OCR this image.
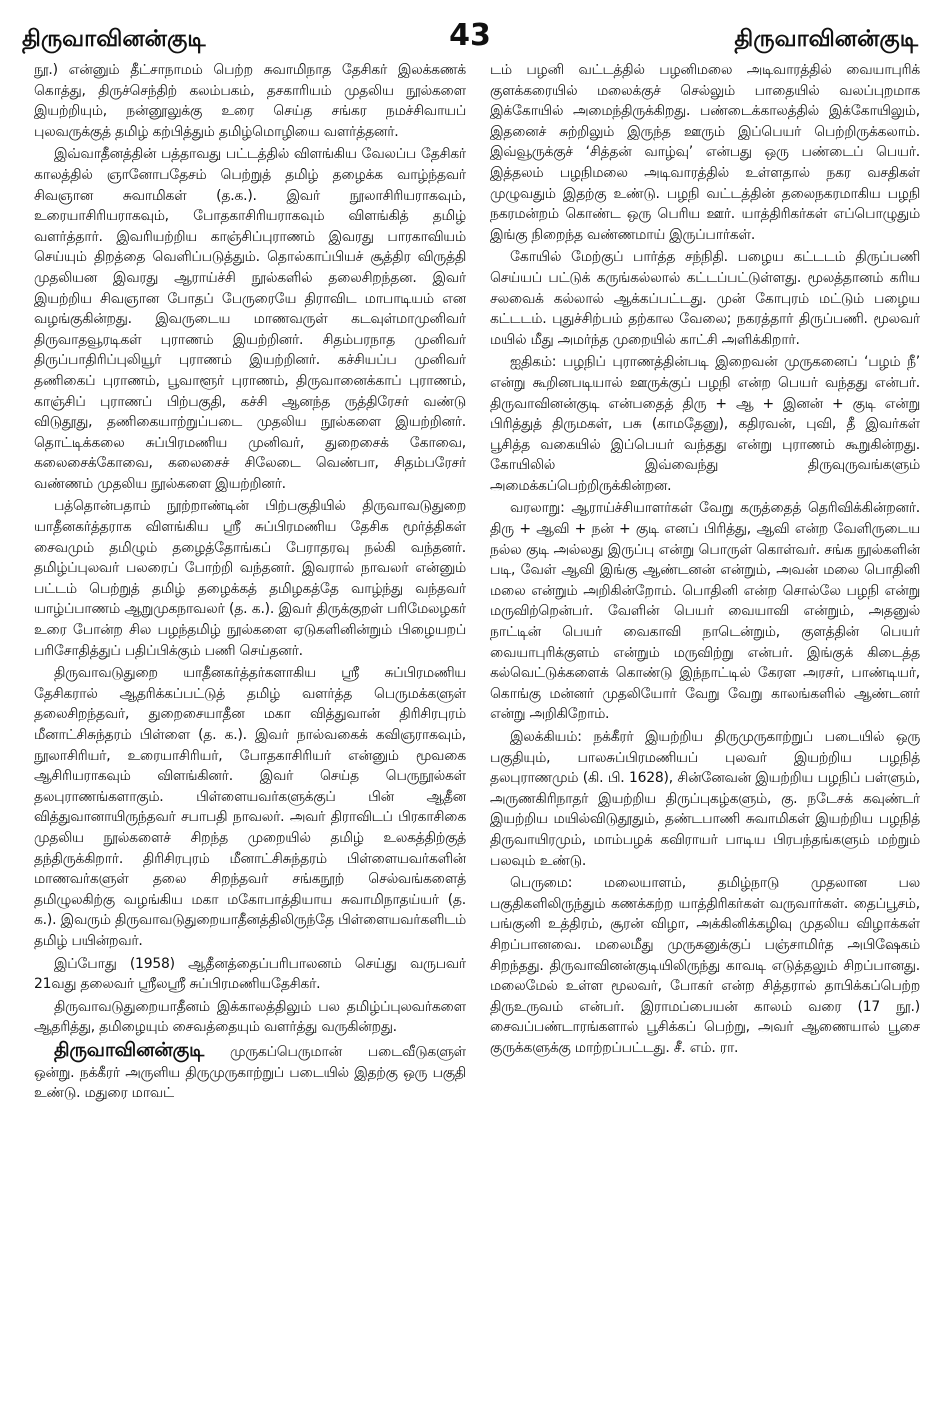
திருவாவினன்குடி	43	திருவாவினன்குடி

நூ.) என்னும் தீட்சாநாமம் பெற்ற சுவாமிநாத தேசிகர் இலக்கணக் கொத்து, திருச்செந்திற் கலம்பகம், தசகாரியம் முதலிய நூல்களை இயற்றியும், நன்னூலுக்கு உரை செய்த சங்கர நமச்சிவாயப் புலவருக்குத் தமிழ் கற்பித்தும் தமிழ்மொழியை வளர்த்தனர்.

இவ்வாதீனத்தின் பத்தாவது பட்டத்தில் விளங்கிய வேலப்ப தேசிகர் காலத்தில் ஞானோபதேசம் பெற்றுத் தமிழ் தழைக்க வாழ்ந்தவர் சிவஞான சுவாமிகள் (த.க.). இவர் நூலாசிரியராகவும், உரையாசிரியராகவும், போதகாசிரியராகவும் விளங்கித் தமிழ் வளர்த்தார். இவரியற்றிய காஞ்சிப்புராணம் இவரது பாரகாவியம் செய்யும் திறத்தை வெளிப்படுத்தும். தொல்காப்பியச் சூத்திர விருத்தி முதலியன இவரது ஆராய்ச்சி நூல்களில் தலைசிறந்தன. இவர் இயற்றிய சிவஞான போதப் பேருரையே திராவிட மாபாடியம் என வழங்குகின்றது. இவருடைய மாணவருள் கடவுள்மாமுனிவர் திருவாதவூரடிகள் புராணம் இயற்றினர். சிதம்பரநாத முனிவர் திருப்பாதிரிப்புலியூர் புராணம் இயற்றினர். கச்சியப்ப முனிவர் தணிகைப் புராணம், பூவாளூர் புராணம், திருவானைக்காப் புராணம், காஞ்சிப் புராணப் பிற்பகுதி, கச்சி ஆனந்த ருத்திரேசர் வண்டு விடுதூது, தணிகையாற்றுப்படை முதலிய நூல்களை இயற்றினர். தொட்டிக்கலை சுப்பிரமணிய முனிவர், துறைசைக் கோவை, கலைசைக்கோவை, கலைசைச் சிலேடை வெண்பா, சிதம்பரேசர் வண்ணம் முதலிய நூல்களை இயற்றினர்.

பத்தொன்பதாம் நூற்றாண்டின் பிற்பகுதியில் திருவாவடுதுறை யாதீனகர்த்தராக விளங்கிய ஸ்ரீ சுப்பிரமணிய தேசிக மூர்த்திகள் சைவமும் தமிழும் தழைத்தோங்கப் பேராதரவு நல்கி வந்தனர். தமிழ்ப்புலவர் பலரைப் போற்றி வந்தனர். இவரால் நாவலர் என்னும் பட்டம் பெற்றுத் தமிழ் தழைக்கத் தமிழகத்தே வாழ்ந்து வந்தவர் யாழ்ப்பாணம் ஆறுமுகநாவலர் (த. க.). இவர் திருக்குறள் பரிமேலழகர் உரை போன்ற சில பழந்தமிழ் நூல்களை ஏடுகளினின்றும் பிழையறப் பரிசோதித்துப் பதிப்பிக்கும் பணி செய்தனர்.

திருவாவடுதுறை யாதீனகர்த்தர்களாகிய ஸ்ரீ சுப்பிரமணிய தேசிகரால் ஆதரிக்கப்பட்டுத் தமிழ் வளர்த்த பெருமக்களுள் தலைசிறந்தவர், துறைசையாதீன மகா வித்துவான் திரிசிரபுரம் மீனாட்சிசுந்தரம் பிள்ளை (த. க.). இவர் நால்வகைக் கவிஞராகவும், நூலாசிரியர், உரையாசிரியர், போதகாசிரியர் என்னும் மூவகை ஆசிரியராகவும் விளங்கினர். இவர் செய்த பெருநூல்கள் தலபுராணங்களாகும். பிள்ளையவர்களுக்குப் பின் ஆதீன வித்துவானாயிருந்தவர் சபாபதி நாவலர். அவர் திராவிடப் பிரகாசிகை முதலிய நூல்களைச் சிறந்த முறையில் தமிழ் உலகத்திற்குத் தந்திருக்கிறார். திரிசிரபுரம் மீனாட்சிசுந்தரம் பிள்ளையவர்களின் மாணவர்களுள் தலை சிறந்தவர் சங்கநூற் செல்வங்களைத் தமிழுலகிற்கு வழங்கிய மகா மகோபாத்தியாய சுவாமிநாதய்யர் (த. க.). இவரும் திருவாவடுதுறையாதீனத்திலிருந்தே பிள்ளையவர்களிடம் தமிழ் பயின்றவர்.

இப்போது (1958) ஆதீனத்தைப்பரிபாலனம் செய்து வருபவர் 21வது தலைவர் ஸ்ரீலஸ்ரீ சுப்பிரமணியதேசிகர்.

திருவாவடுதுறையாதீனம் இக்காலத்திலும் பல தமிழ்ப்புலவர்களை ஆதரித்து, தமிழையும் சைவத்தையும் வளர்த்து வருகின்றது.

திருவாவினன்குடி முருகப்பெருமான் படைவீடுகளுள் ஒன்று. நக்கீரர் அருளிய திருமுருகாற்றுப் படையில் இதற்கு ஒரு பகுதி உண்டு. மதுரை மாவட்

டம் பழனி வட்டத்தில் பழனிமலை அடிவாரத்தில் வையாபுரிக் குளக்கரையில் மலைக்குச் செல்லும் பாதையில் வலப்புறமாக இக்கோயில் அமைந்திருக்கிறது. பண்டைக்காலத்தில் இக்கோயிலும், இதனைச் சுற்றிலும் இருந்த ஊரும் இப்பெயர் பெற்றிருக்கலாம். இவ்வூருக்குச் ‘சித்தன் வாழ்வு’ என்பது ஒரு பண்டைப் பெயர். இத்தலம் பழநிமலை அடிவாரத்தில் உள்ளதால் நகர வசதிகள் முழுவதும் இதற்கு உண்டு. பழநி வட்டத்தின் தலைநகரமாகிய பழநி நகரமன்றம் கொண்ட ஒரு பெரிய ஊர். யாத்திரிகர்கள் எப்பொழுதும் இங்கு நிறைந்த வண்ணமாய் இருப்பார்கள்.

கோயில் மேற்குப் பார்த்த சந்நிதி. பழைய கட்டடம் திருப்பணி செய்யப் பட்டுக் கருங்கல்லால் கட்டப்பட்டுள்ளது. மூலத்தானம் கரிய சலவைக் கல்லால் ஆக்கப்பட்டது. முன் கோபுரம் மட்டும் பழைய கட்டடம். புதுச்சிற்பம் தற்கால வேலை; நகரத்தார் திருப்பணி. மூலவர் மயில் மீது அமர்ந்த முறையில் காட்சி அளிக்கிறார்.

ஐதிகம்: பழநிப் புராணத்தின்படி இறைவன் முருகனைப் ‘பழம் நீ’ என்று கூறினபடியால் ஊருக்குப் பழநி என்ற பெயர் வந்தது என்பர். திருவாவினன்குடி என்பதைத் திரு + ஆ + இனன் + குடி என்று பிரித்துத் திருமகள், பசு (காமதேனு), கதிரவன், புவி, தீ இவர்கள் பூசித்த வகையில் இப்பெயர் வந்தது என்று புராணம் கூறுகின்றது. கோயிலில் இவ்வைந்து திருவுருவங்களும் அமைக்கப்பெற்றிருக்கின்றன.

வரலாறு: ஆராய்ச்சியாளர்கள் வேறு கருத்தைத் தெரிவிக்கின்றனர். திரு + ஆவி + நன் + குடி எனப் பிரித்து, ஆவி என்ற வேளிருடைய நல்ல குடி அல்லது இருப்பு என்று பொருள் கொள்வர். சங்க நூல்களின் படி, வேள் ஆவி இங்கு ஆண்டனன் என்றும், அவன் மலை பொதினி மலை என்றும் அறிகின்றோம். பொதினி என்ற சொல்லே பழநி என்று மருவிற்றென்பர். வேளின் பெயர் வையாவி என்றும், அதனுல் நாட்டின் பெயர் வைகாவி நாடென்றும், குளத்தின் பெயர் வையாபுரிக்குளம் என்றும் மருவிற்று என்பர். இங்குக் கிடைத்த கல்வெட்டுக்களைக் கொண்டு இந்நாட்டில் கேரள அரசர், பாண்டியர், கொங்கு மன்னர் முதலியோர் வேறு வேறு காலங்களில் ஆண்டனர் என்று அறிகிறோம்.

இலக்கியம்: நக்கீரர் இயற்றிய திருமுருகாற்றுப் படையில் ஒரு பகுதியும், பாலசுப்பிரமணியப் புலவர் இயற்றிய பழநித் தலபுராணமும் (கி. பி. 1628), சின்னேவன் இயற்றிய பழநிப் பள்ளும், அருணகிரிநாதர் இயற்றிய திருப்புகழ்களும், கு. நடேசக் கவுண்டர் இயற்றிய மயில்விடுதூதும், தண்டபாணி சுவாமிகள் இயற்றிய பழநித் திருவாயிரமும், மாம்பழக் கவிராயர் பாடிய பிரபந்தங்களும் மற்றும் பலவும் உண்டு.

பெருமை: மலையாளம், தமிழ்நாடு முதலான பல பகுதிகளிலிருந்தும் கணக்கற்ற யாத்திரிகர்கள் வருவார்கள். தைப்பூசம், பங்குனி உத்திரம், சூரன் விழா, அக்கினிக்கழிவு முதலிய விழாக்கள் சிறப்பானவை. மலைமீது முருகனுக்குப் பஞ்சாமிர்த அபிஷேகம் சிறந்தது. திருவாவினன்குடியிலிருந்து காவடி எடுத்தலும் சிறப்பானது. மலைமேல் உள்ள மூலவர், போகர் என்ற சித்தரால் தாபிக்கப்பெற்ற திருஉருவம் என்பர். இராமப்பையன் காலம் வரை (17 நூ.) சைவப்பண்டாரங்களால் பூசிக்கப் பெற்று, அவர் ஆணையால் பூசை குருக்களுக்கு மாற்றப்பட்டது. சீ. எம். ரா.
